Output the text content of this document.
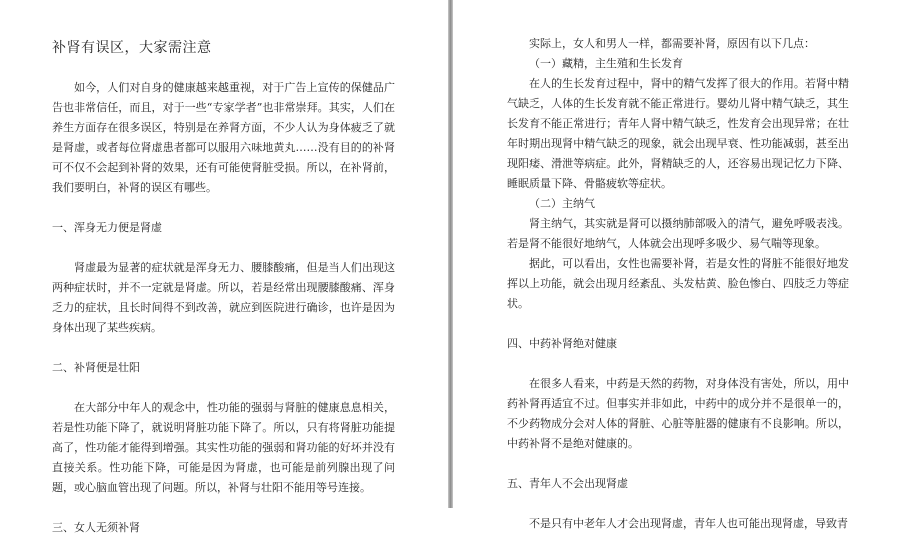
补肾有误区，大家需注意

如今，人们对自身的健康越来越重视，对于广告上宣传的保健品广告也非常信任，而且，对于一些“专家学者”也非常崇拜。其实，人们在养生方面存在很多误区，特别是在养肾方面，不少人认为身体疲乏了就是肾虚，或者每位肾虚患者都可以服用六味地黄丸……没有目的的补肾可不仅不会起到补肾的效果，还有可能使肾脏受损。所以，在补肾前，我们要明白，补肾的误区有哪些。

一、浑身无力便是肾虚

肾虚最为显著的症状就是浑身无力、腰膝酸痛，但是当人们出现这两种症状时，并不一定就是肾虚。所以，若是经常出现腰膝酸痛、浑身乏力的症状，且长时间得不到改善，就应到医院进行确诊，也许是因为身体出现了某些疾病。

二、补肾便是壮阳

在大部分中年人的观念中，性功能的强弱与肾脏的健康息息相关，若是性功能下降了，就说明肾脏功能下降了。所以，只有将肾脏功能提高了，性功能才能得到增强。其实性功能的强弱和肾功能的好坏并没有直接关系。性功能下降，可能是因为肾虚，也可能是前列腺出现了问题，或心脑血管出现了问题。所以，补肾与壮阳不能用等号连接。

三、女人无须补肾

实际上，女人和男人一样，都需要补肾，原因有以下几点：

（一）藏精，主生殖和生长发育

在人的生长发育过程中，肾中的精气发挥了很大的作用。若肾中精气缺乏，人体的生长发育就不能正常进行。婴幼儿肾中精气缺乏，其生长发育不能正常进行；青年人肾中精气缺乏，性发育会出现异常；在壮年时期出现肾中精气缺乏的现象，就会出现早衰、性功能减弱，甚至出现阳痿、滑泄等病症。此外，肾精缺乏的人，还容易出现记忆力下降、睡眠质量下降、骨骼疲软等症状。

（二）主纳气

肾主纳气，其实就是肾可以摄纳肺部吸入的清气，避免呼吸表浅。若是肾不能很好地纳气，人体就会出现呼多吸少、易气喘等现象。

据此，可以看出，女性也需要补肾，若是女性的肾脏不能很好地发挥以上功能，就会出现月经紊乱、头发枯黄、脸色惨白、四肢乏力等症状。

四、中药补肾绝对健康

在很多人看来，中药是天然的药物，对身体没有害处，所以，用中药补肾再适宜不过。但事实并非如此，中药中的成分并不是很单一的，不少药物成分会对人体的肾脏、心脏等脏器的健康有不良影响。所以，中药补肾不是绝对健康的。

五、青年人不会出现肾虚

不是只有中老年人才会出现肾虚，青年人也可能出现肾虚，导致青
